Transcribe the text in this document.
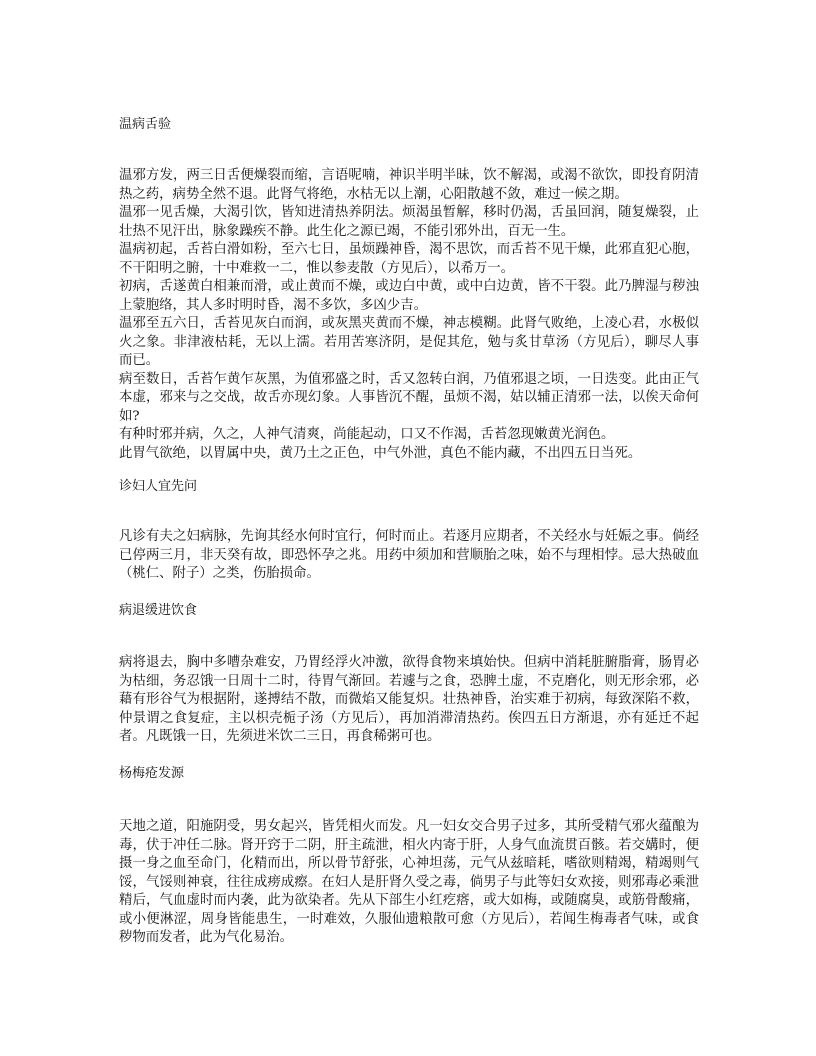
温病舌验

温邪方发，两三日舌便燥裂而缩，言语呢喃，神识半明半昧，饮不解渴，或渴不欲饮，即投育阴清热之药，病势全然不退。此肾气将绝，水枯无以上潮，心阳散越不敛，难过一候之期。

温邪一见舌燥，大渴引饮，皆知进清热养阴法。烦渴虽暂解，移时仍渴，舌虽回润，随复燥裂，止壮热不见汗出，脉象躁疾不静。此生化之源已竭，不能引邪外出，百无一生。

温病初起，舌苔白滑如粉，至六七日，虽烦躁神昏，渴不思饮，而舌苔不见干燥，此邪直犯心胞，不干阳明之腑，十中难救一二，惟以参麦散（方见后），以希万一。

初病，舌遂黄白相兼而滑，或止黄而不燥，或边白中黄，或中白边黄，皆不干裂。此乃脾湿与秽浊上蒙胞络，其人多时明时昏，渴不多饮，多凶少吉。

温邪至五六日，舌苔见灰白而润，或灰黑夹黄而不燥，神志模糊。此肾气败绝，上凌心君，水极似火之象。非津液枯耗，无以上濡。若用苦寒济阴，是促其危，勉与炙甘草汤（方见后），聊尽人事而已。

病至数日，舌苔乍黄乍灰黑，为值邪盛之时，舌又忽转白润，乃值邪退之顷，一日迭变。此由正气本虚，邪来与之交战，故舌亦现幻象。人事皆沉不醒，虽烦不渴，姑以辅正清邪一法，以俟天命何如?

有种时邪并病，久之，人神气清爽，尚能起动，口又不作渴，舌苔忽现嫩黄光润色。

此胃气欲绝，以胃属中央，黄乃土之正色，中气外泄，真色不能内藏，不出四五日当死。

诊妇人宜先问

凡诊有夫之妇病脉，先询其经水何时宜行，何时而止。若逐月应期者，不关经水与妊娠之事。倘经已停两三月，非天癸有故，即恐怀孕之兆。用药中须加和营顺胎之味，始不与理相悖。忌大热破血（桃仁、附子）之类，伤胎损命。

病退缓进饮食

病将退去，胸中多嘈杂难安，乃胃经浮火冲激，欲得食物来填始快。但病中消耗脏腑脂膏，肠胃必为枯细，务忍饿一日周十二时，待胃气渐回。若遽与之食，恐脾土虚，不克磨化，则无形余邪，必藉有形谷气为根据附，遂搏结不散，而微焰又能复炽。壮热神昏，治实难于初病，每致深陷不救，仲景谓之食复症，主以枳壳栀子汤（方见后），再加消滞清热药。俟四五日方渐退，亦有延迁不起者。凡既饿一日，先须进米饮二三日，再食稀粥可也。

杨梅疮发源

天地之道，阳施阴受，男女起兴，皆凭相火而发。凡一妇女交合男子过多，其所受精气邪火蕴酿为毒，伏于冲任二脉。肾开窍于二阴，肝主疏泄，相火内寄于肝，人身气血流贯百骸。若交媾时，便摄一身之血至命门，化精而出，所以骨节舒张，心神坦荡，元气从兹暗耗，嗜欲则精竭，精竭则气馁，气馁则神衰，往往成痨成瘵。在妇人是肝肾久受之毒，倘男子与此等妇女欢接，则邪毒必乘泄精后，气血虚时而内袭，此为欲染者。先从下部生小红疙瘩，或大如梅，或随腐臭，或筋骨酸痛，或小便淋涩，周身皆能患生，一时难效，久服仙遗粮散可愈（方见后），若闻生梅毒者气味，或食秽物而发者，此为气化易治。
